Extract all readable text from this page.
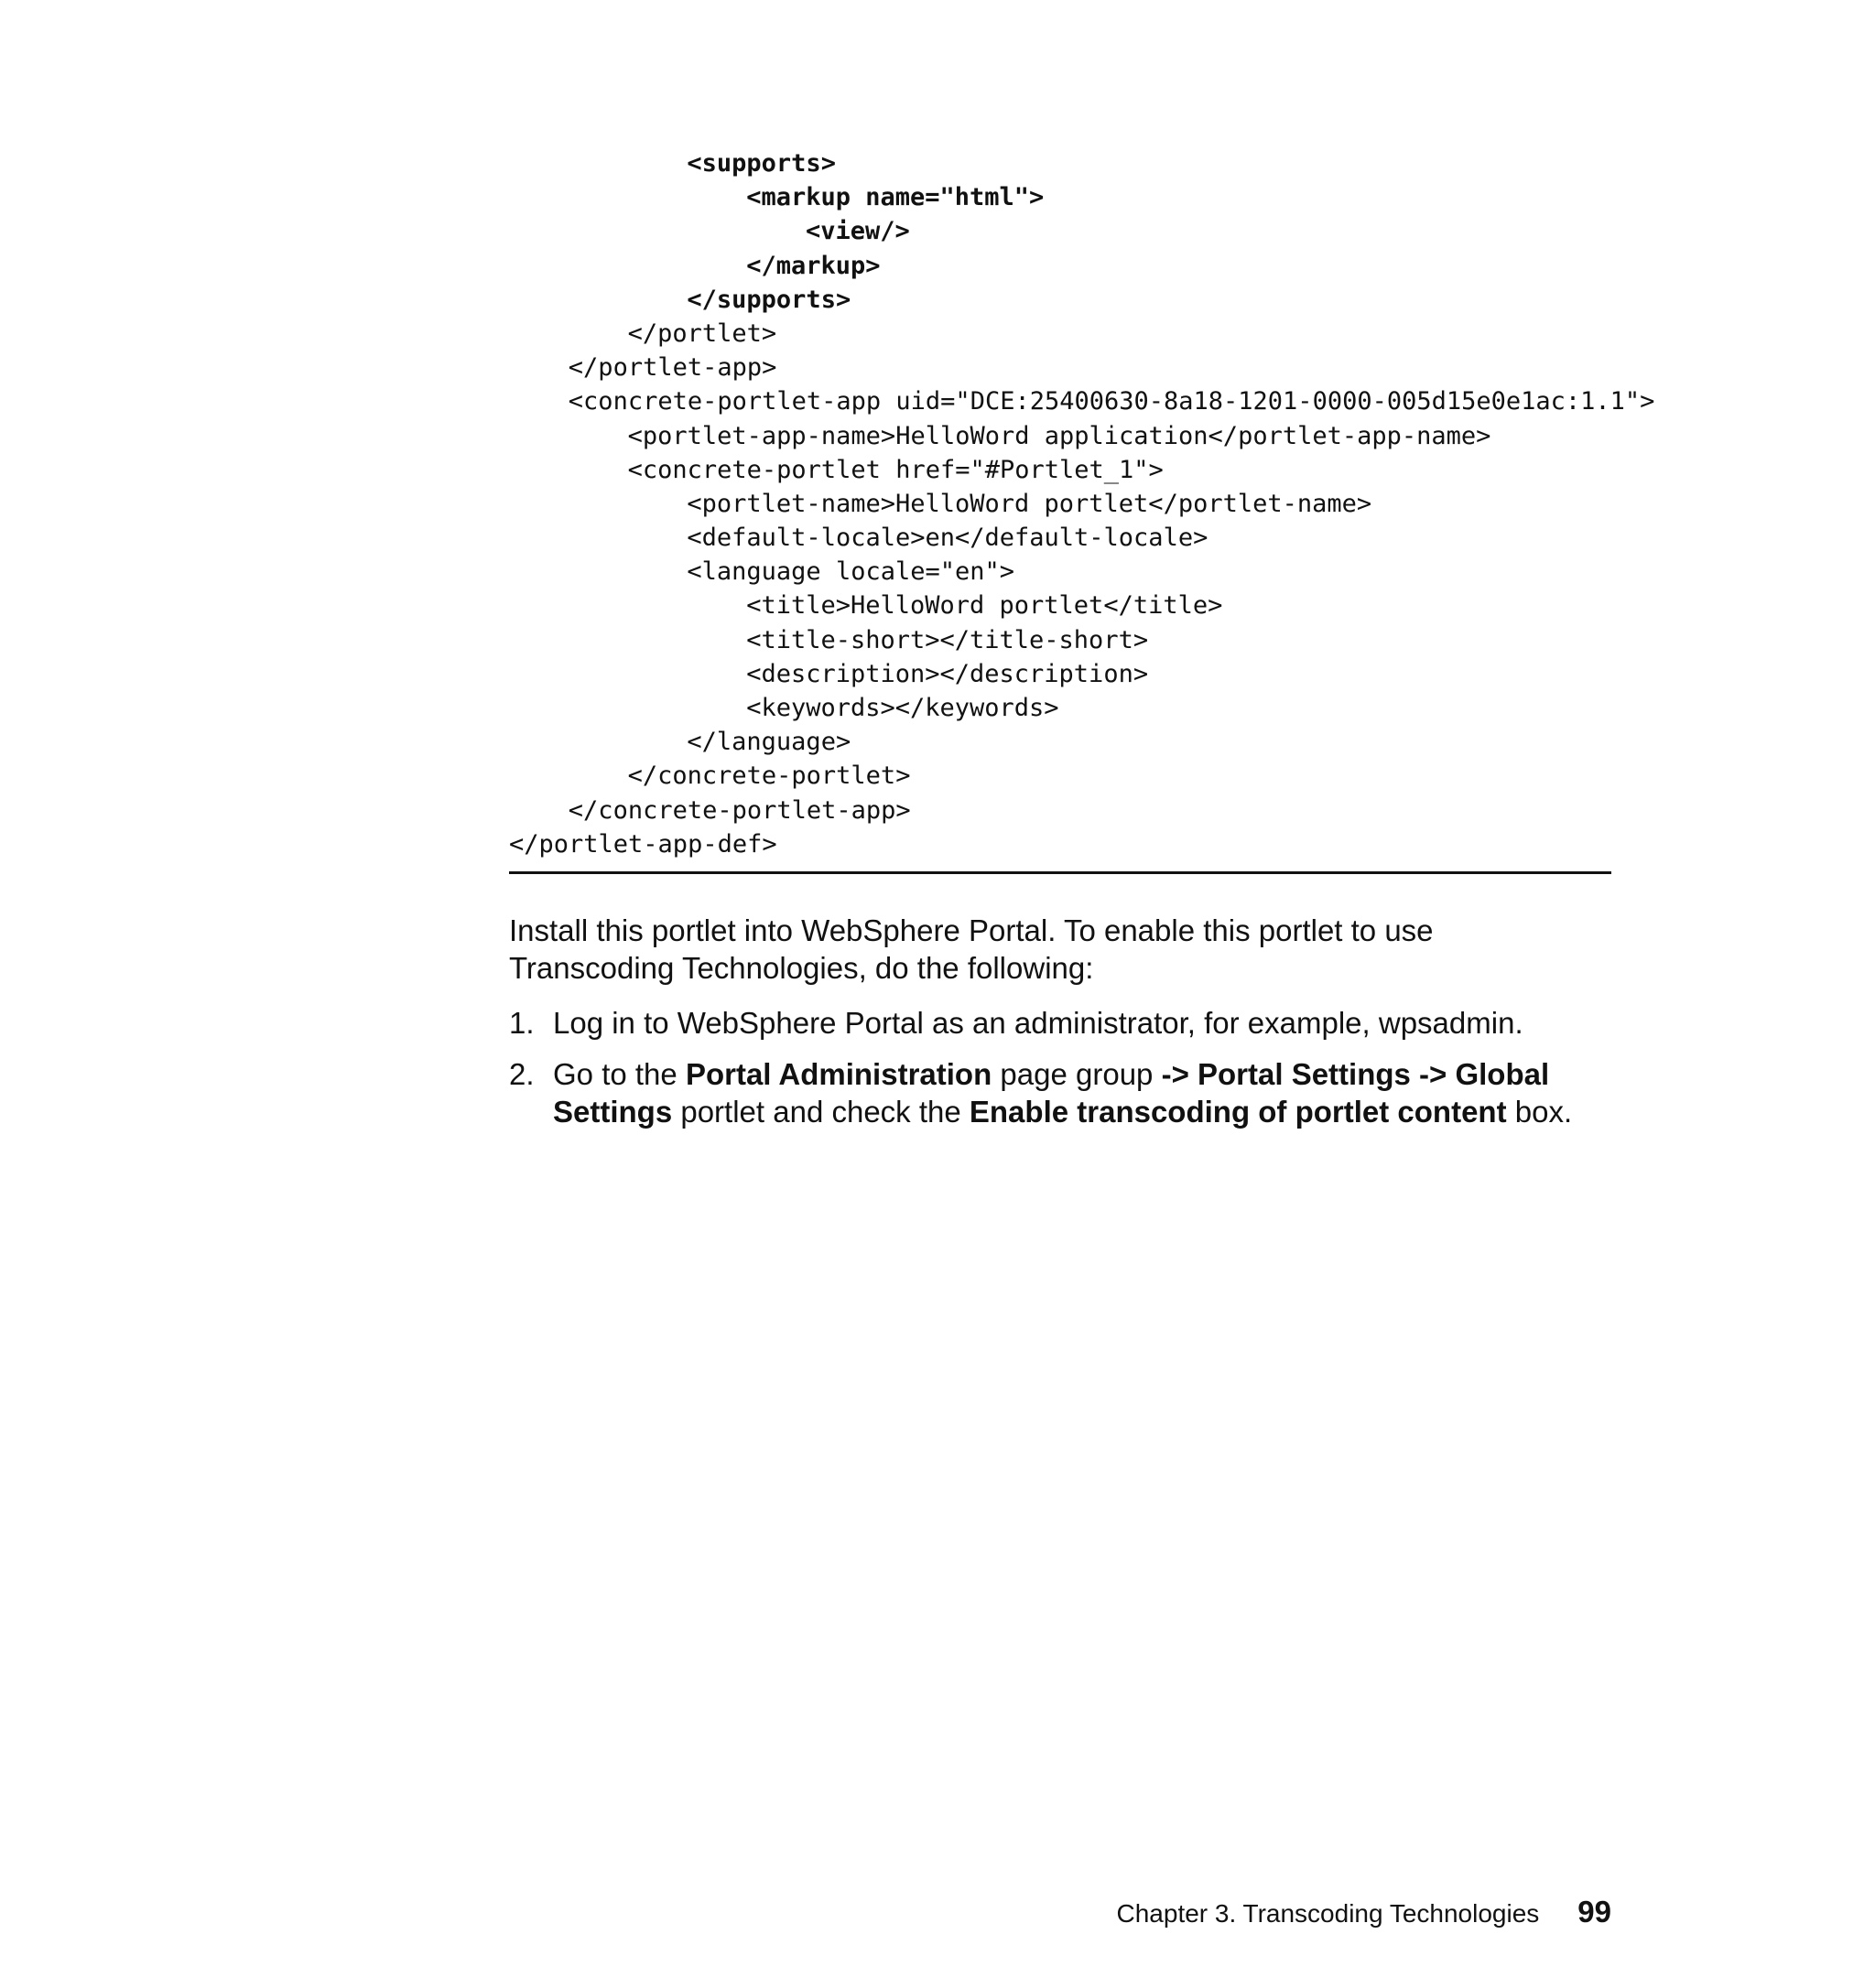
<supports>
<markup name="html">
<view/>
</markup>
</supports>
</portlet>
</portlet-app>
<concrete-portlet-app uid="DCE:25400630-8a18-1201-0000-005d15e0e1ac:1.1">
<portlet-app-name>HelloWord application</portlet-app-name>
<concrete-portlet href="#Portlet_1">
<portlet-name>HelloWord portlet</portlet-name>
<default-locale>en</default-locale>
<language locale="en">
<title>HelloWord portlet</title>
<title-short></title-short>
<description></description>
<keywords></keywords>
</language>
</concrete-portlet>
</concrete-portlet-app>
</portlet-app-def>
Install this portlet into WebSphere Portal. To enable this portlet to use
Transcoding Technologies, do the following:
1. Log in to WebSphere Portal as an administrator, for example, wpsadmin.
2. Go to the Portal Administration page group -> Portal Settings -> Global
Settings portlet and check the Enable transcoding of portlet content box.
Chapter 3. Transcoding Technologies 99
